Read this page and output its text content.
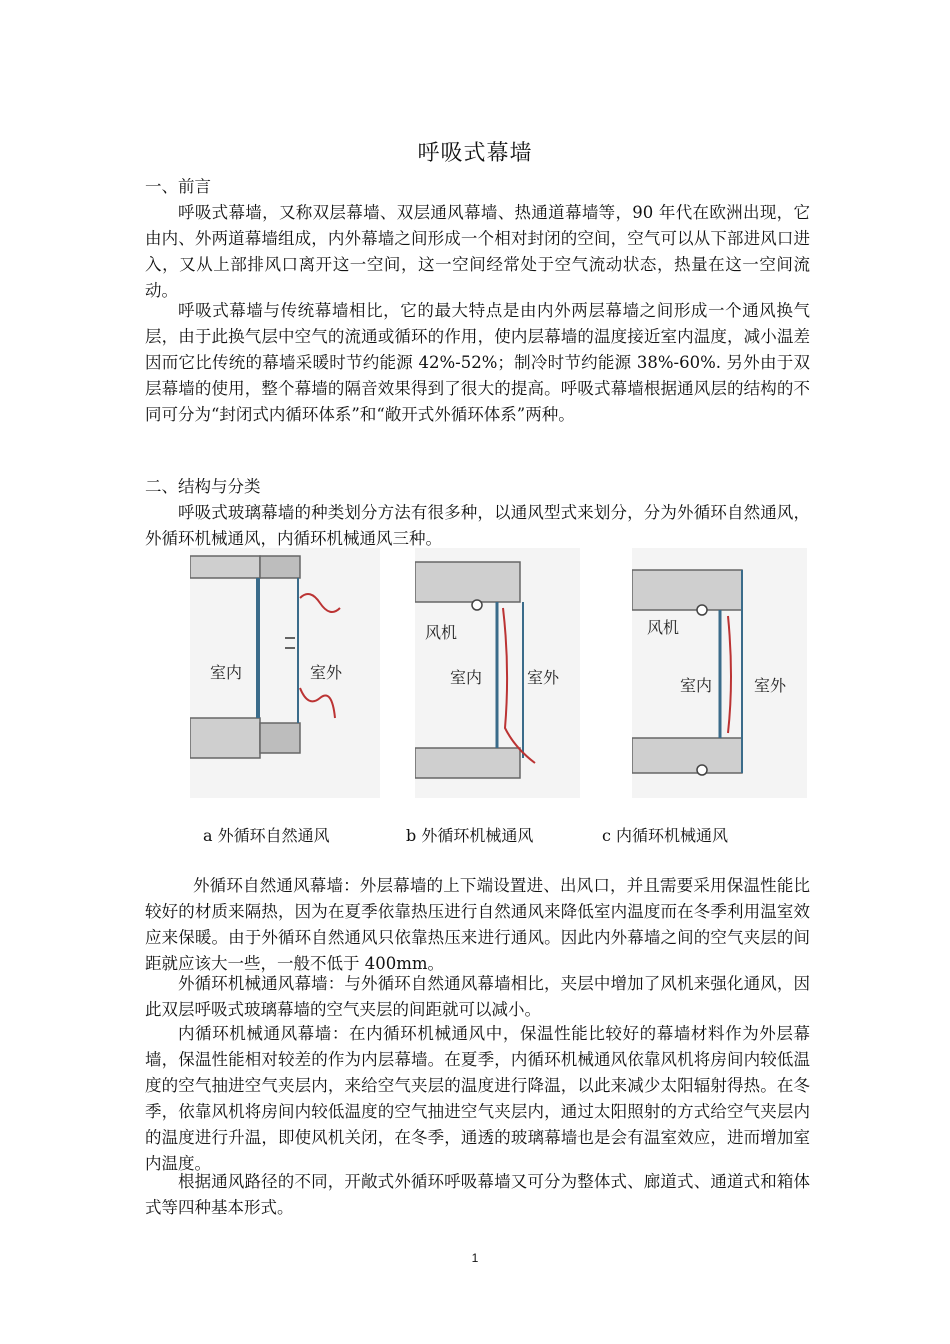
呼吸式幕墙
一、前言
呼吸式幕墙，又称双层幕墙、双层通风幕墙、热通道幕墙等，90 年代在欧洲出现，它由内、外两道幕墙组成，内外幕墙之间形成一个相对封闭的空间，空气可以从下部进风口进入，又从上部排风口离开这一空间，这一空间经常处于空气流动状态，热量在这一空间流动。
呼吸式幕墙与传统幕墙相比，它的最大特点是由内外两层幕墙之间形成一个通风换气层，由于此换气层中空气的流通或循环的作用，使内层幕墙的温度接近室内温度，减小温差因而它比传统的幕墙采暖时节约能源 42%-52%；制冷时节约能源 38%-60%. 另外由于双层幕墙的使用，整个幕墙的隔音效果得到了很大的提高。呼吸式幕墙根据通风层的结构的不同可分为“封闭式内循环体系”和“敞开式外循环体系”两种。
二、结构与分类
呼吸式玻璃幕墙的种类划分方法有很多种，以通风型式来划分，分为外循环自然通风，外循环机械通风，内循环机械通风三种。
室内	室外
风机
室内	室外
风机
室内	室外
a 外循环自然通风	b 外循环机械通风	c 内循环机械通风
外循环自然通风幕墙：外层幕墙的上下端设置进、出风口，并且需要采用保温性能比较好的材质来隔热，因为在夏季依靠热压进行自然通风来降低室内温度而在冬季利用温室效应来保暖。由于外循环自然通风只依靠热压来进行通风。因此内外幕墙之间的空气夹层的间距就应该大一些，一般不低于 400mm。
外循环机械通风幕墙：与外循环自然通风幕墙相比，夹层中增加了风机来强化通风，因此双层呼吸式玻璃幕墙的空气夹层的间距就可以减小。
内循环机械通风幕墙：在内循环机械通风中，保温性能比较好的幕墙材料作为外层幕墙，保温性能相对较差的作为内层幕墙。在夏季，内循环机械通风依靠风机将房间内较低温度的空气抽进空气夹层内，来给空气夹层的温度进行降温，以此来减少太阳辐射得热。在冬季，依靠风机将房间内较低温度的空气抽进空气夹层内，通过太阳照射的方式给空气夹层内的温度进行升温，即使风机关闭，在冬季，通透的玻璃幕墙也是会有温室效应，进而增加室内温度。
根据通风路径的不同，开敞式外循环呼吸幕墙又可分为整体式、廊道式、通道式和箱体式等四种基本形式。
1
